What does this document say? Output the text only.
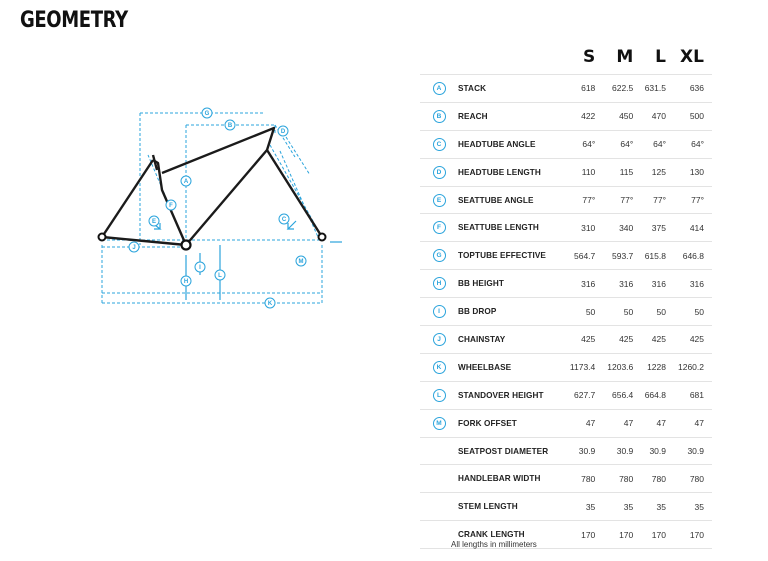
GEOMETRY
G
B
D
A
F
E	C
M
I
J
H
L
K
		S	M	L	XL
A	STACK	618	622.5	631.5	636
B	REACH	422	450	470	500
C	HEADTUBE ANGLE	64°	64°	64°	64°
D	HEADTUBE LENGTH	110	115	125	130
E	SEATTUBE ANGLE	77°	77°	77°	77°
F	SEATTUBE LENGTH	310	340	375	414
G	TOPTUBE EFFECTIVE	564.7	593.7	615.8	646.8
H	BB HEIGHT	316	316	316	316
I	BB DROP	50	50	50	50
J	CHAINSTAY	425	425	425	425
K	WHEELBASE	1173.4	1203.6	1228	1260.2
L	STANDOVER HEIGHT	627.7	656.4	664.8	681
M	FORK OFFSET	47	47	47	47
	SEATPOST DIAMETER	30.9	30.9	30.9	30.9
	HANDLEBAR WIDTH	780	780	780	780
	STEM LENGTH	35	35	35	35
	CRANK LENGTH	170	170	170	170
All lengths in millimeters
